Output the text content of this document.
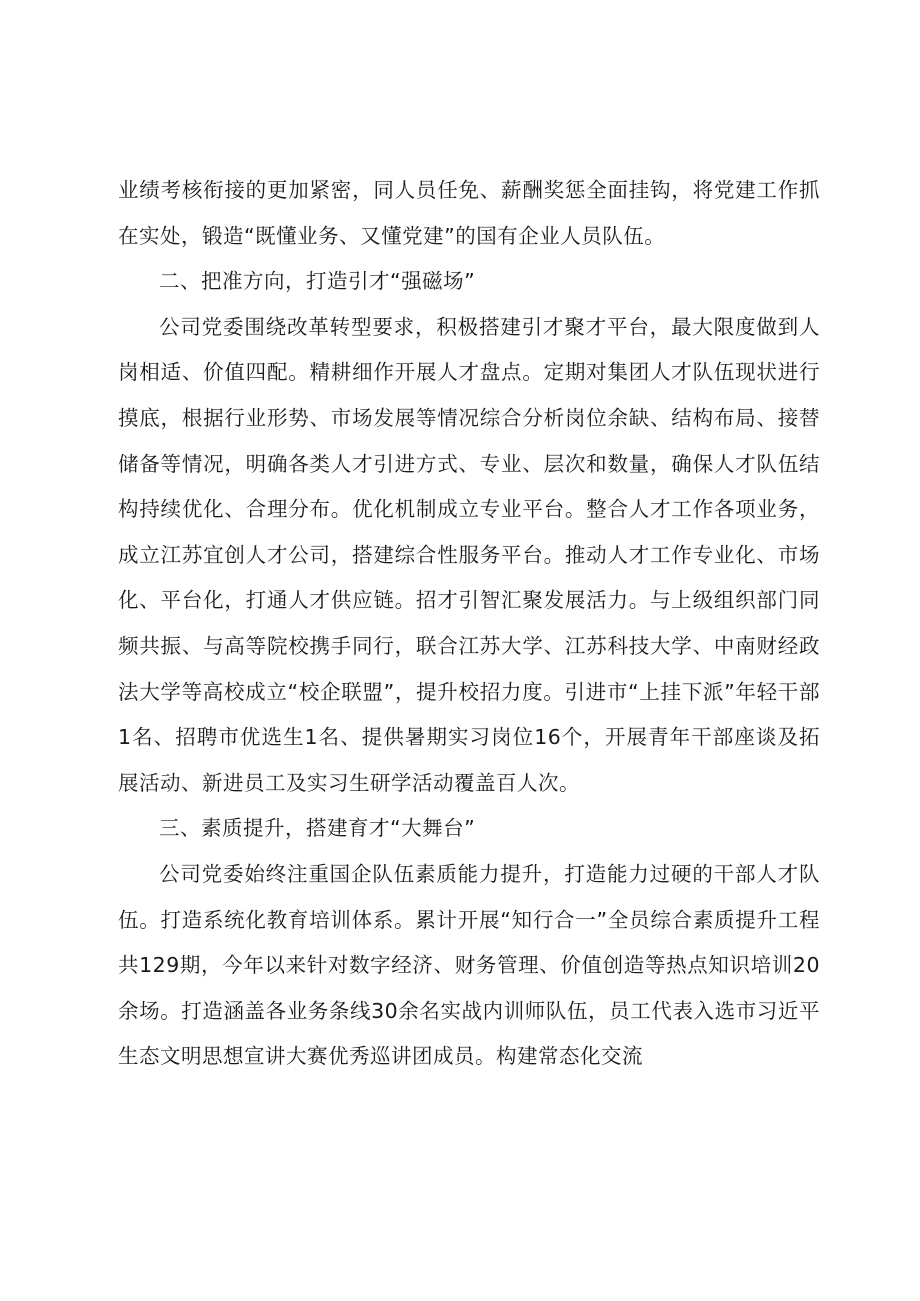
业绩考核衔接的更加紧密，同人员任免、薪酬奖惩全面挂钩，将党建工作抓在实处，锻造“既懂业务、又懂党建”的国有企业人员队伍。

二、把准方向，打造引才“强磁场”

公司党委围绕改革转型要求，积极搭建引才聚才平台，最大限度做到人岗相适、价值四配。精耕细作开展人才盘点。定期对集团人才队伍现状进行摸底，根据行业形势、市场发展等情况综合分析岗位余缺、结构布局、接替储备等情况，明确各类人才引进方式、专业、层次和数量，确保人才队伍结构持续优化、合理分布。优化机制成立专业平台。整合人才工作各项业务，成立江苏宜创人才公司，搭建综合性服务平台。推动人才工作专业化、市场化、平台化，打通人才供应链。招才引智汇聚发展活力。与上级组织部门同频共振、与高等院校携手同行，联合江苏大学、江苏科技大学、中南财经政法大学等高校成立“校企联盟”，提升校招力度。引进市“上挂下派”年轻干部1名、招聘市优选生1名、提供暑期实习岗位16个，开展青年干部座谈及拓展活动、新进员工及实习生研学活动覆盖百人次。

三、素质提升，搭建育才“大舞台”

公司党委始终注重国企队伍素质能力提升，打造能力过硬的干部人才队伍。打造系统化教育培训体系。累计开展“知行合一”全员综合素质提升工程共129期，今年以来针对数字经济、财务管理、价值创造等热点知识培训20余场。打造涵盖各业务条线30余名实战内训师队伍，员工代表入选市习近平生态文明思想宣讲大赛优秀巡讲团成员。构建常态化交流
